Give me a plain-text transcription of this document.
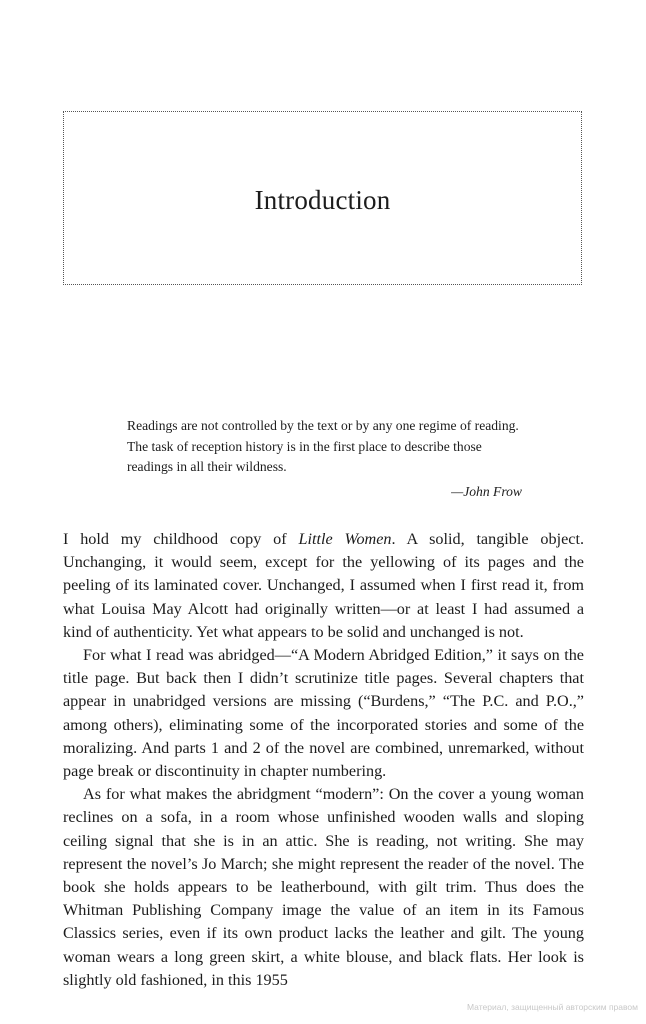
Introduction

Readings are not controlled by the text or by any one regime of reading. The task of reception history is in the first place to describe those readings in all their wildness.

—John Frow

I hold my childhood copy of Little Women. A solid, tangible object. Unchanging, it would seem, except for the yellowing of its pages and the peeling of its laminated cover. Unchanged, I assumed when I first read it, from what Louisa May Alcott had originally written—or at least I had assumed a kind of authenticity. Yet what appears to be solid and unchanged is not.

For what I read was abridged—“A Modern Abridged Edition,” it says on the title page. But back then I didn’t scrutinize title pages. Several chapters that appear in unabridged versions are missing (“Burdens,” “The P.C. and P.O.,” among others), eliminating some of the incorporated stories and some of the moralizing. And parts 1 and 2 of the novel are combined, unremarked, without page break or discontinuity in chapter numbering.

As for what makes the abridgment “modern”: On the cover a young woman reclines on a sofa, in a room whose unfinished wooden walls and sloping ceiling signal that she is in an attic. She is reading, not writing. She may represent the novel’s Jo March; she might represent the reader of the novel. The book she holds appears to be leatherbound, with gilt trim. Thus does the Whitman Publishing Company image the value of an item in its Famous Classics series, even if its own product lacks the leather and gilt. The young woman wears a long green skirt, a white blouse, and black flats. Her look is slightly old fashioned, in this 1955

Материал, защищенный авторским правом
